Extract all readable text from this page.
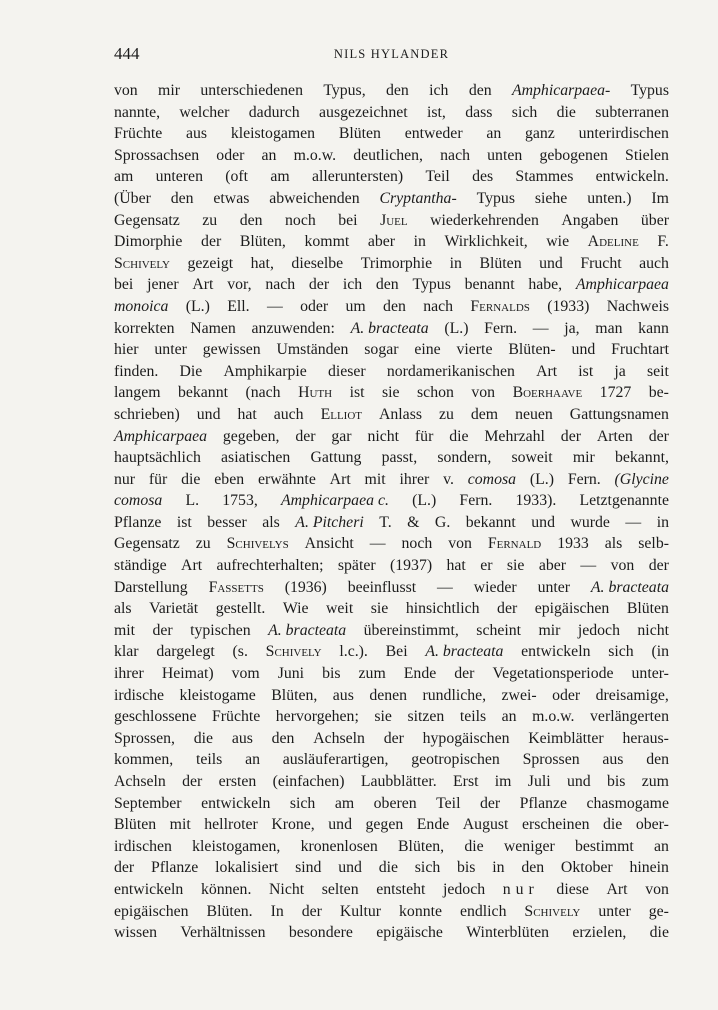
444	NILS HYLANDER
von mir unterschiedenen Typus, den ich den Amphicarpaea- Typus
nannte, welcher dadurch ausgezeichnet ist, dass sich die subterranen
Früchte aus kleistogamen Blüten entweder an ganz unterirdischen
Sprossachsen oder an m.o.w. deutlichen, nach unten gebogenen Stielen
am unteren (oft am alleruntersten) Teil des Stammes entwickeln.
(Über den etwas abweichenden Cryptantha- Typus siehe unten.) Im
Gegensatz zu den noch bei Juel wiederkehrenden Angaben über
Dimorphie der Blüten, kommt aber in Wirklichkeit, wie Adeline F.
Schively gezeigt hat, dieselbe Trimorphie in Blüten und Frucht auch
bei jener Art vor, nach der ich den Typus benannt habe, Amphicarpaea
monoica (L.) Ell. — oder um den nach Fernalds (1933) Nachweis
korrekten Namen anzuwenden: A. bracteata (L.) Fern. — ja, man kann
hier unter gewissen Umständen sogar eine vierte Blüten- und Fruchtart
finden. Die Amphikarpie dieser nordamerikanischen Art ist ja seit
langem bekannt (nach Huth ist sie schon von Boerhaave 1727 be-
schrieben) und hat auch Elliot Anlass zu dem neuen Gattungsnamen
Amphicarpaea gegeben, der gar nicht für die Mehrzahl der Arten der
hauptsächlich asiatischen Gattung passt, sondern, soweit mir bekannt,
nur für die eben erwähnte Art mit ihrer v. comosa (L.) Fern. (Glycine
comosa L. 1753, Amphicarpaea c. (L.) Fern. 1933). Letztgenannte
Pflanze ist besser als A. Pitcheri T. & G. bekannt und wurde — in
Gegensatz zu Schivelys Ansicht — noch von Fernald 1933 als selb-
ständige Art aufrechterhalten; später (1937) hat er sie aber — von der
Darstellung Fassetts (1936) beeinflusst — wieder unter A. bracteata
als Varietät gestellt. Wie weit sie hinsichtlich der epigäischen Blüten
mit der typischen A. bracteata übereinstimmt, scheint mir jedoch nicht
klar dargelegt (s. Schively l.c.). Bei A. bracteata entwickeln sich (in
ihrer Heimat) vom Juni bis zum Ende der Vegetationsperiode unter-
irdische kleistogame Blüten, aus denen rundliche, zwei- oder dreisamige,
geschlossene Früchte hervorgehen; sie sitzen teils an m.o.w. verlängerten
Sprossen, die aus den Achseln der hypogäischen Keimblätter heraus-
kommen, teils an ausläuferartigen, geotropischen Sprossen aus den
Achseln der ersten (einfachen) Laubblätter. Erst im Juli und bis zum
September entwickeln sich am oberen Teil der Pflanze chasmogame
Blüten mit hellroter Krone, und gegen Ende August erscheinen die ober-
irdischen kleistogamen, kronenlosen Blüten, die weniger bestimmt an
der Pflanze lokalisiert sind und die sich bis in den Oktober hinein
entwickeln können. Nicht selten entsteht jedoch nur diese Art von
epigäischen Blüten. In der Kultur konnte endlich Schively unter ge-
wissen Verhältnissen besondere epigäische Winterblüten erzielen, die
